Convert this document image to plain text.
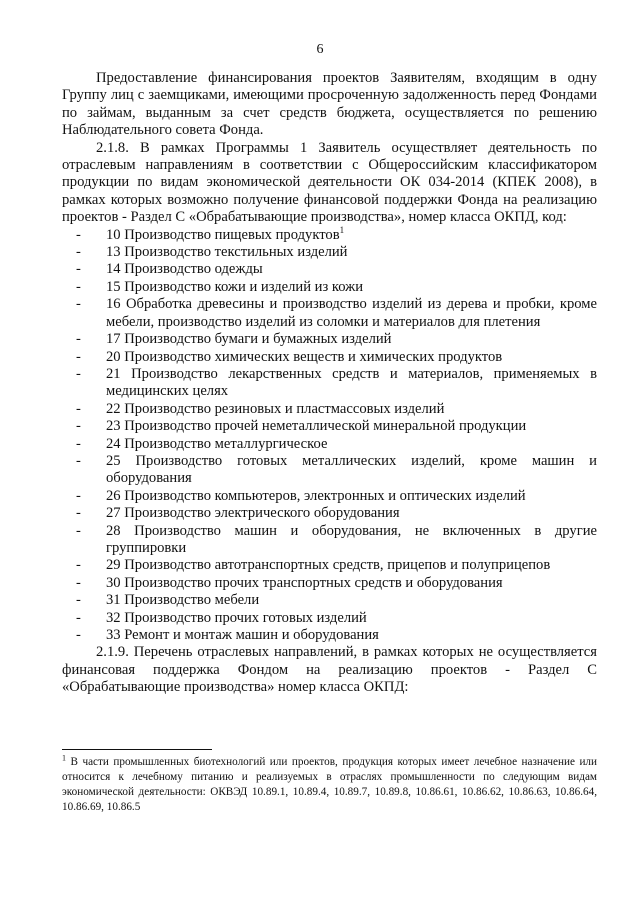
6

Предоставление финансирования проектов Заявителям, входящим в одну Группу лиц с заемщиками, имеющими просроченную задолженность перед Фондами по займам, выданным за счет средств бюджета, осуществляется по решению Наблюдательного совета Фонда.

2.1.8. В рамках Программы 1 Заявитель осуществляет деятельность по отраслевым направлениям в соответствии с Общероссийским классификатором продукции по видам экономической деятельности ОК 034-2014 (КПЕК 2008), в рамках которых возможно получение финансовой поддержки Фонда на реализацию проектов - Раздел С «Обрабатывающие производства», номер класса ОКПД, код:

- 10 Производство пищевых продуктов$^1$
- 13 Производство текстильных изделий
- 14 Производство одежды
- 15 Производство кожи и изделий из кожи
- 16 Обработка древесины и производство изделий из дерева и пробки, кроме мебели, производство изделий из соломки и материалов для плетения
- 17 Производство бумаги и бумажных изделий
- 20 Производство химических веществ и химических продуктов
- 21 Производство лекарственных средств и материалов, применяемых в медицинских целях
- 22 Производство резиновых и пластмассовых изделий
- 23 Производство прочей неметаллической минеральной продукции
- 24 Производство металлургическое
- 25 Производство готовых металлических изделий, кроме машин и оборудования
- 26 Производство компьютеров, электронных и оптических изделий
- 27 Производство электрического оборудования
- 28 Производство машин и оборудования, не включенных в другие группировки
- 29 Производство автотранспортных средств, прицепов и полуприцепов
- 30 Производство прочих транспортных средств и оборудования
- 31 Производство мебели
- 32 Производство прочих готовых изделий
- 33 Ремонт и монтаж машин и оборудования

2.1.9. Перечень отраслевых направлений, в рамках которых не осуществляется финансовая поддержка Фондом на реализацию проектов - Раздел С «Обрабатывающие производства» номер класса ОКПД:

$^1$ В части промышленных биотехнологий или проектов, продукция которых имеет лечебное назначение или относится к лечебному питанию и реализуемых в отраслях промышленности по следующим видам экономической деятельности: ОКВЭД 10.89.1, 10.89.4, 10.89.7, 10.89.8, 10.86.61, 10.86.62, 10.86.63, 10.86.64, 10.86.69, 10.86.5
